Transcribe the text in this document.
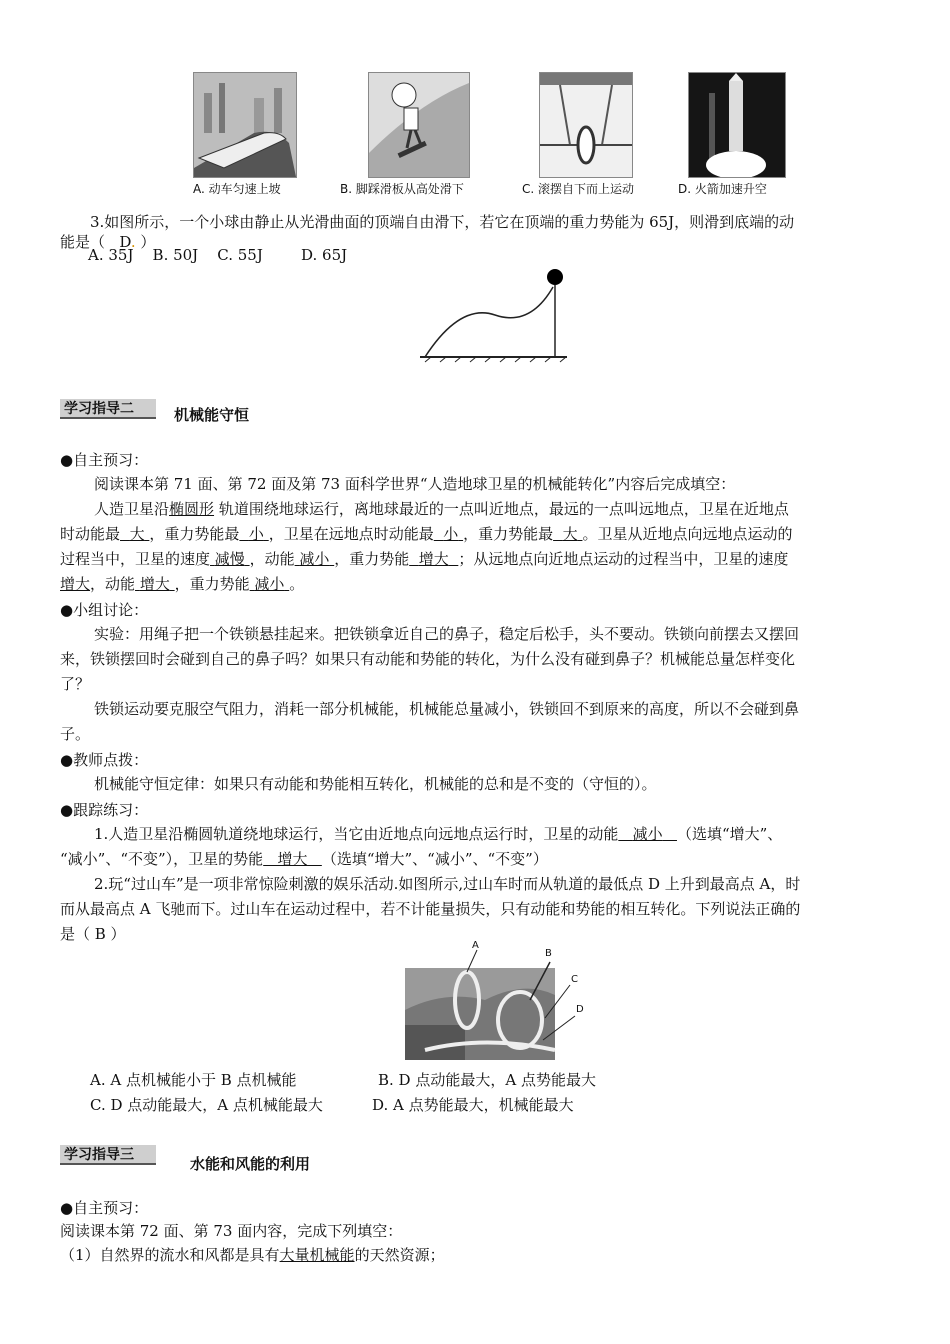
A. 动车匀速上坡	B. 脚踩滑板从高处滑下	C. 滚摆自下而上运动	D. 火箭加速升空
3.如图所示，一个小球由静止从光滑曲面的顶端自由滑下，若它在顶端的重力势能为 65J，则滑到底端的动
能是（ D. ）
A. 35J    B. 50J    C. 55J        D. 65J
学习指导二	机械能守恒
●自主预习：
阅读课本第 71 面、第 72 面及第 73 面科学世界“人造地球卫星的机械能转化”内容后完成填空：
人造卫星沿椭圆形 轨道围绕地球运行，离地球最近的一点叫近地点，最远的一点叫远地点，卫星在近地点
时动能最 大 ，重力势能最 小 ，卫星在远地点时动能最 小 ，重力势能最 大 。卫星从近地点向远地点运动的
过程当中，卫星的速度 减慢 ，动能 减小 ，重力势能 增大 ；从远地点向近地点运动的过程当中，卫星的速度
增大，动能 增大 ，重力势能 减小 。
●小组讨论：
实验：用绳子把一个铁锁悬挂起来。把铁锁拿近自己的鼻子，稳定后松手，头不要动。铁锁向前摆去又摆回
来，铁锁摆回时会碰到自己的鼻子吗？如果只有动能和势能的转化，为什么没有碰到鼻子？机械能总量怎样变化
了？
铁锁运动要克服空气阻力，消耗一部分机械能，机械能总量减小，铁锁回不到原来的高度，所以不会碰到鼻
子。
●教师点拨：
机械能守恒定律：如果只有动能和势能相互转化，机械能的总和是不变的（守恒的）。
●跟踪练习：
1.人造卫星沿椭圆轨道绕地球运行，当它由近地点向远地点运行时，卫星的动能 减小 （选填“增大”、
“减小”、“不变”），卫星的势能 增大 （选填“增大”、“减小”、“不变”）
2.玩“过山车”是一项非常惊险刺激的娱乐活动.如图所示,过山车时而从轨道的最低点 D 上升到最高点 A，时
而从最高点 A 飞驰而下。过山车在运动过程中，若不计能量损失，只有动能和势能的相互转化。下列说法正确的
是（ B ）
A
B
C
D
A. A 点机械能小于 B 点机械能	B. D 点动能最大，A 点势能最大
C. D 点动能最大，A 点机械能最大	D. A 点势能最大，机械能最大
学习指导三	水能和风能的利用
●自主预习：
阅读课本第 72 面、第 73 面内容，完成下列填空：
（1）自然界的流水和风都是具有大量机械能的天然资源；
